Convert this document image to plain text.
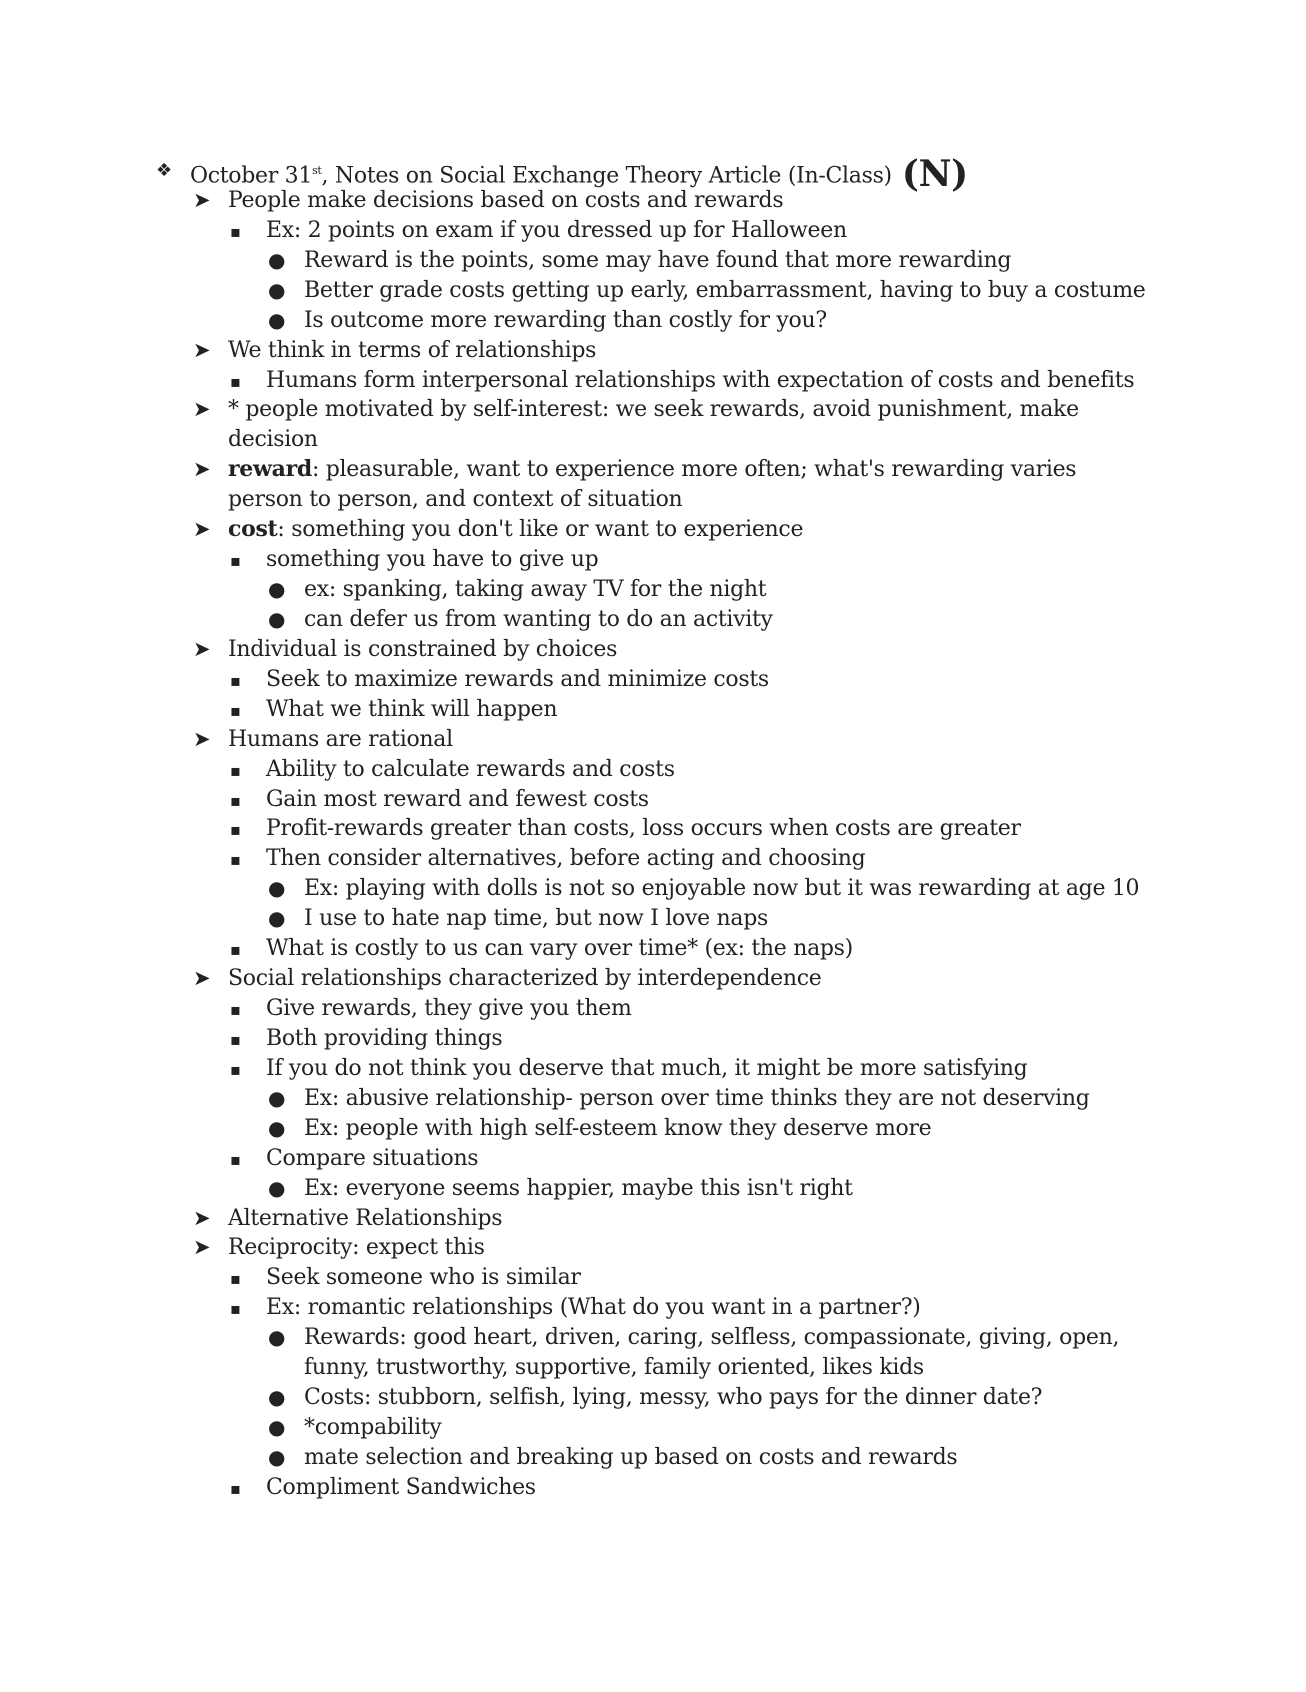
❖ October 31st, Notes on Social Exchange Theory Article (In-Class) (N)
➤ People make decisions based on costs and rewards
▪	Ex: 2 points on exam if you dressed up for Halloween
● Reward is the points, some may have found that more rewarding
● Better grade costs getting up early, embarrassment, having to buy a costume
● Is outcome more rewarding than costly for you?
➤ We think in terms of relationships
▪	Humans form interpersonal relationships with expectation of costs and benefits
➤ * people motivated by self-interest: we seek rewards, avoid punishment, make
decision
➤ reward: pleasurable, want to experience more often; what's rewarding varies
person to person, and context of situation
➤ cost: something you don't like or want to experience
▪	something you have to give up
● ex: spanking, taking away TV for the night
● can defer us from wanting to do an activity
➤ Individual is constrained by choices
▪	Seek to maximize rewards and minimize costs
▪	What we think will happen
➤ Humans are rational
▪	Ability to calculate rewards and costs
▪	Gain most reward and fewest costs
▪	Profit-rewards greater than costs, loss occurs when costs are greater
▪	Then consider alternatives, before acting and choosing
● Ex: playing with dolls is not so enjoyable now but it was rewarding at age 10
● I use to hate nap time, but now I love naps
▪	What is costly to us can vary over time* (ex: the naps)
➤ Social relationships characterized by interdependence
▪	Give rewards, they give you them
▪	Both providing things
▪	If you do not think you deserve that much, it might be more satisfying
● Ex: abusive relationship- person over time thinks they are not deserving
● Ex: people with high self-esteem know they deserve more
▪	Compare situations
● Ex: everyone seems happier, maybe this isn't right
➤ Alternative Relationships
➤ Reciprocity: expect this
▪	Seek someone who is similar
▪	Ex: romantic relationships (What do you want in a partner?)
● Rewards: good heart, driven, caring, selfless, compassionate, giving, open,
funny, trustworthy, supportive, family oriented, likes kids
● Costs: stubborn, selfish, lying, messy, who pays for the dinner date?
● *compability
● mate selection and breaking up based on costs and rewards
▪	Compliment Sandwiches
